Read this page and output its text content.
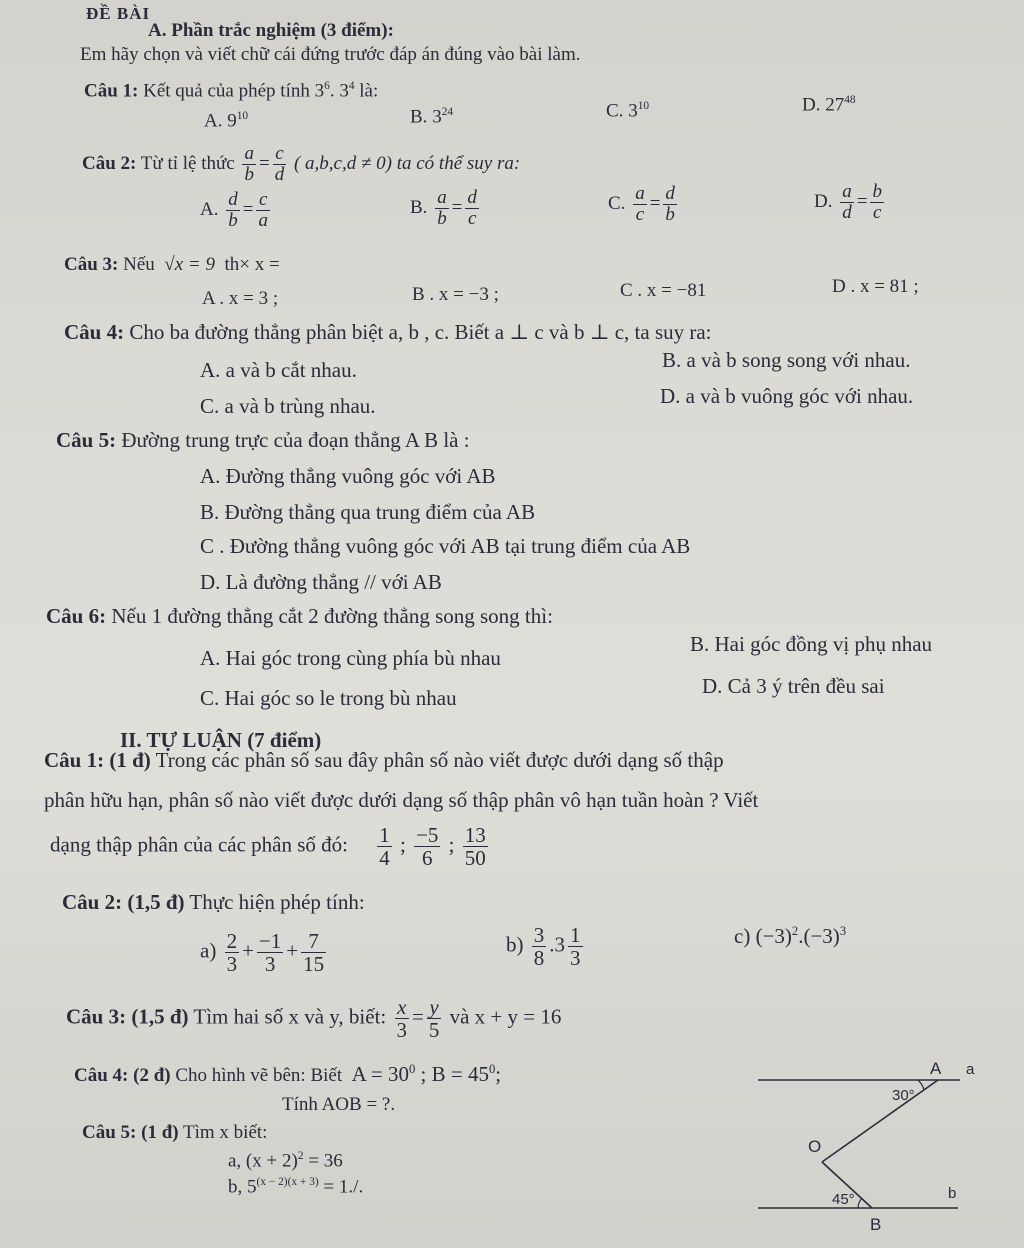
ĐỀ BÀI
A. Phần trắc nghiệm (3 điểm):
Em hãy chọn và viết chữ cái đứng trước đáp án đúng vào bài làm.
Câu 1: Kết quả của phép tính $3^6$. $3^4$ là:
A. $9^{10}$	B. $3^{24}$	C. $3^{10}$	D. $27^{48}$
Câu 2: Từ tỉ lệ thức $\frac{a}{b} = \frac{c}{d}$ ( a,b,c,d ≠ 0) ta có thể suy ra:
A. $\frac{d}{b} = \frac{c}{a}$	B. $\frac{a}{b} = \frac{d}{c}$	C. $\frac{a}{c} = \frac{d}{b}$	D. $\frac{a}{d} = \frac{b}{c}$
Câu 3: Nếu √x = 9 th× x =
A . x = 3 ;	B . x = −3 ;	C . x = −81	D . x = 81 ;
Câu 4: Cho ba đường thẳng phân biệt a, b , c. Biết a ⊥ c và b ⊥ c, ta suy ra:
A. a và b cắt nhau.	B. a và b song song với nhau.
C. a và b trùng nhau.	D. a và b vuông góc với nhau.
Câu 5: Đường trung trực của đoạn thẳng A B là :
A. Đường thẳng vuông góc với AB
B. Đường thẳng qua trung điểm của AB
C . Đường thẳng vuông góc với AB tại trung điểm của AB
D. Là đường thẳng // với AB
Câu 6: Nếu 1 đường thẳng cắt 2 đường thẳng song song thì:
A. Hai góc trong cùng phía bù nhau
B. Hai góc đồng vị phụ nhau
C. Hai góc so le trong bù nhau	D. Cả 3 ý trên đều sai
II. TỰ LUẬN (7 điểm)
Câu 1: (1 đ) Trong các phân số sau đây phân số nào viết được dưới dạng số thập
phân hữu hạn, phân số nào viết được dưới dạng số thập phân vô hạn tuần hoàn ? Viết
dạng thập phân của các phân số đó: $\frac{1}{4}$ ; $\frac{-5}{6}$ ; $\frac{13}{50}$
Câu 2: (1,5 đ) Thực hiện phép tính:
$a) \frac{2}{3} + \frac{-1}{3} + \frac{7}{15}$	$b) \frac{3}{8} .3 \frac{1}{3}$	c) $(-3)^2.(-3)^3$
Câu 3: (1,5 đ) Tìm hai số x và y, biết: $\frac{x}{3} = \frac{y}{5}$ và x + y = 16
Câu 4: (2 đ) Cho hình vẽ bên: Biết $A = 30^0$ ; $B = 45^0$;
Tính AOB = ?.
Câu 5: (1 đ) Tìm x biết:
a, $(x + 2)^2 = 36$
b, $5^{(x - 2)(x + 3)} = 1./$.
A a
30°
O
45°	b
B
